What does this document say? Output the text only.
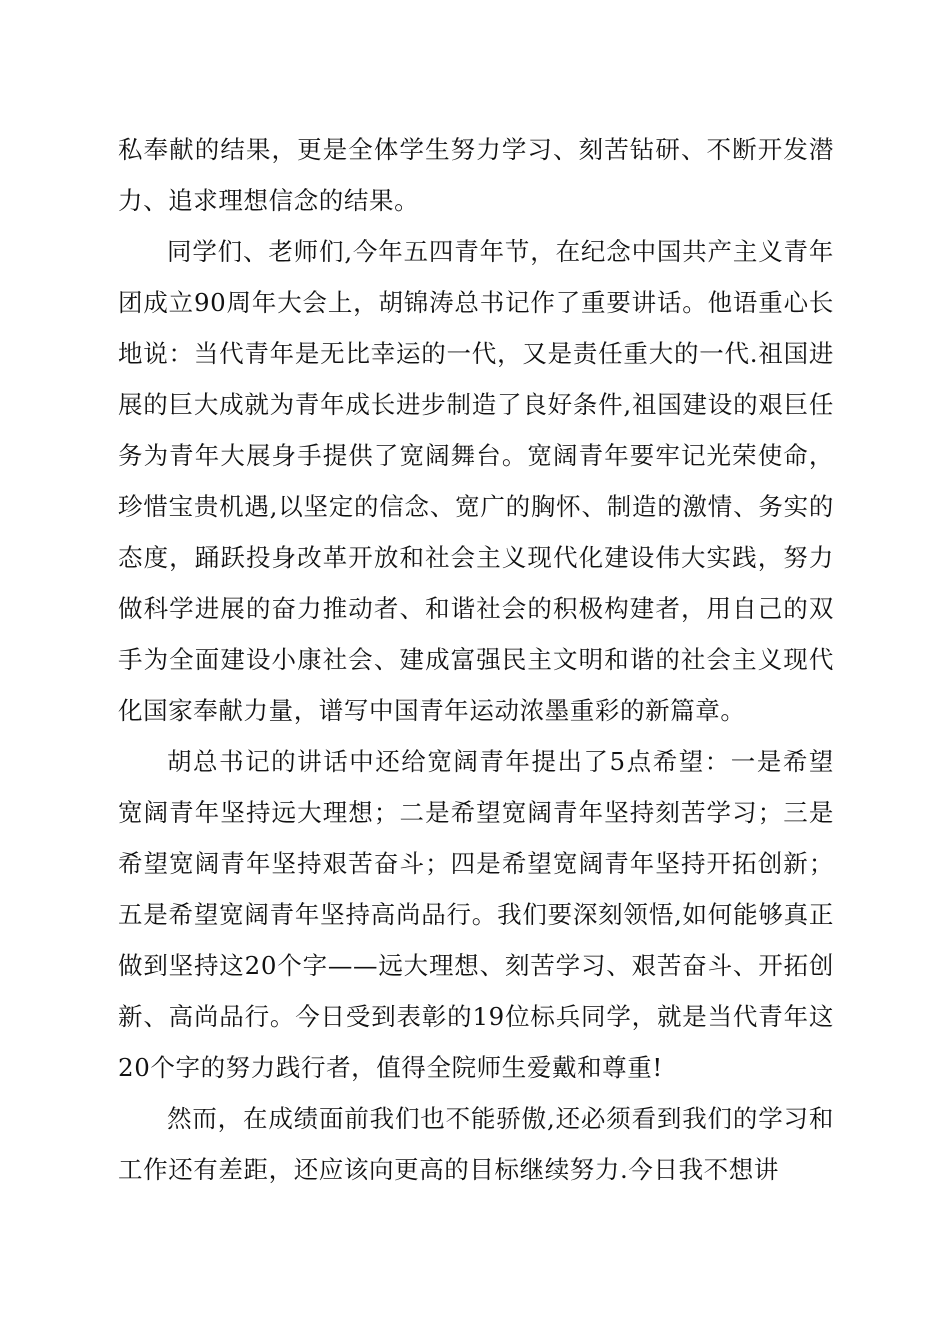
私奉献的结果，更是全体学生努力学习、刻苦钻研、不断开发潜力、追求理想信念的结果。

同学们、老师们,今年五四青年节，在纪念中国共产主义青年团成立90周年大会上，胡锦涛总书记作了重要讲话。他语重心长地说：当代青年是无比幸运的一代，又是责任重大的一代.祖国进展的巨大成就为青年成长进步制造了良好条件,祖国建设的艰巨任务为青年大展身手提供了宽阔舞台。宽阔青年要牢记光荣使命，珍惜宝贵机遇,以坚定的信念、宽广的胸怀、制造的激情、务实的态度，踊跃投身改革开放和社会主义现代化建设伟大实践，努力做科学进展的奋力推动者、和谐社会的积极构建者，用自己的双手为全面建设小康社会、建成富强民主文明和谐的社会主义现代化国家奉献力量，谱写中国青年运动浓墨重彩的新篇章。

胡总书记的讲话中还给宽阔青年提出了5点希望：一是希望宽阔青年坚持远大理想；二是希望宽阔青年坚持刻苦学习；三是希望宽阔青年坚持艰苦奋斗；四是希望宽阔青年坚持开拓创新；五是希望宽阔青年坚持高尚品行。我们要深刻领悟,如何能够真正做到坚持这20个字——远大理想、刻苦学习、艰苦奋斗、开拓创新、高尚品行。今日受到表彰的19位标兵同学，就是当代青年这20个字的努力践行者，值得全院师生爱戴和尊重!

然而，在成绩面前我们也不能骄傲,还必须看到我们的学习和工作还有差距，还应该向更高的目标继续努力.今日我不想讲
